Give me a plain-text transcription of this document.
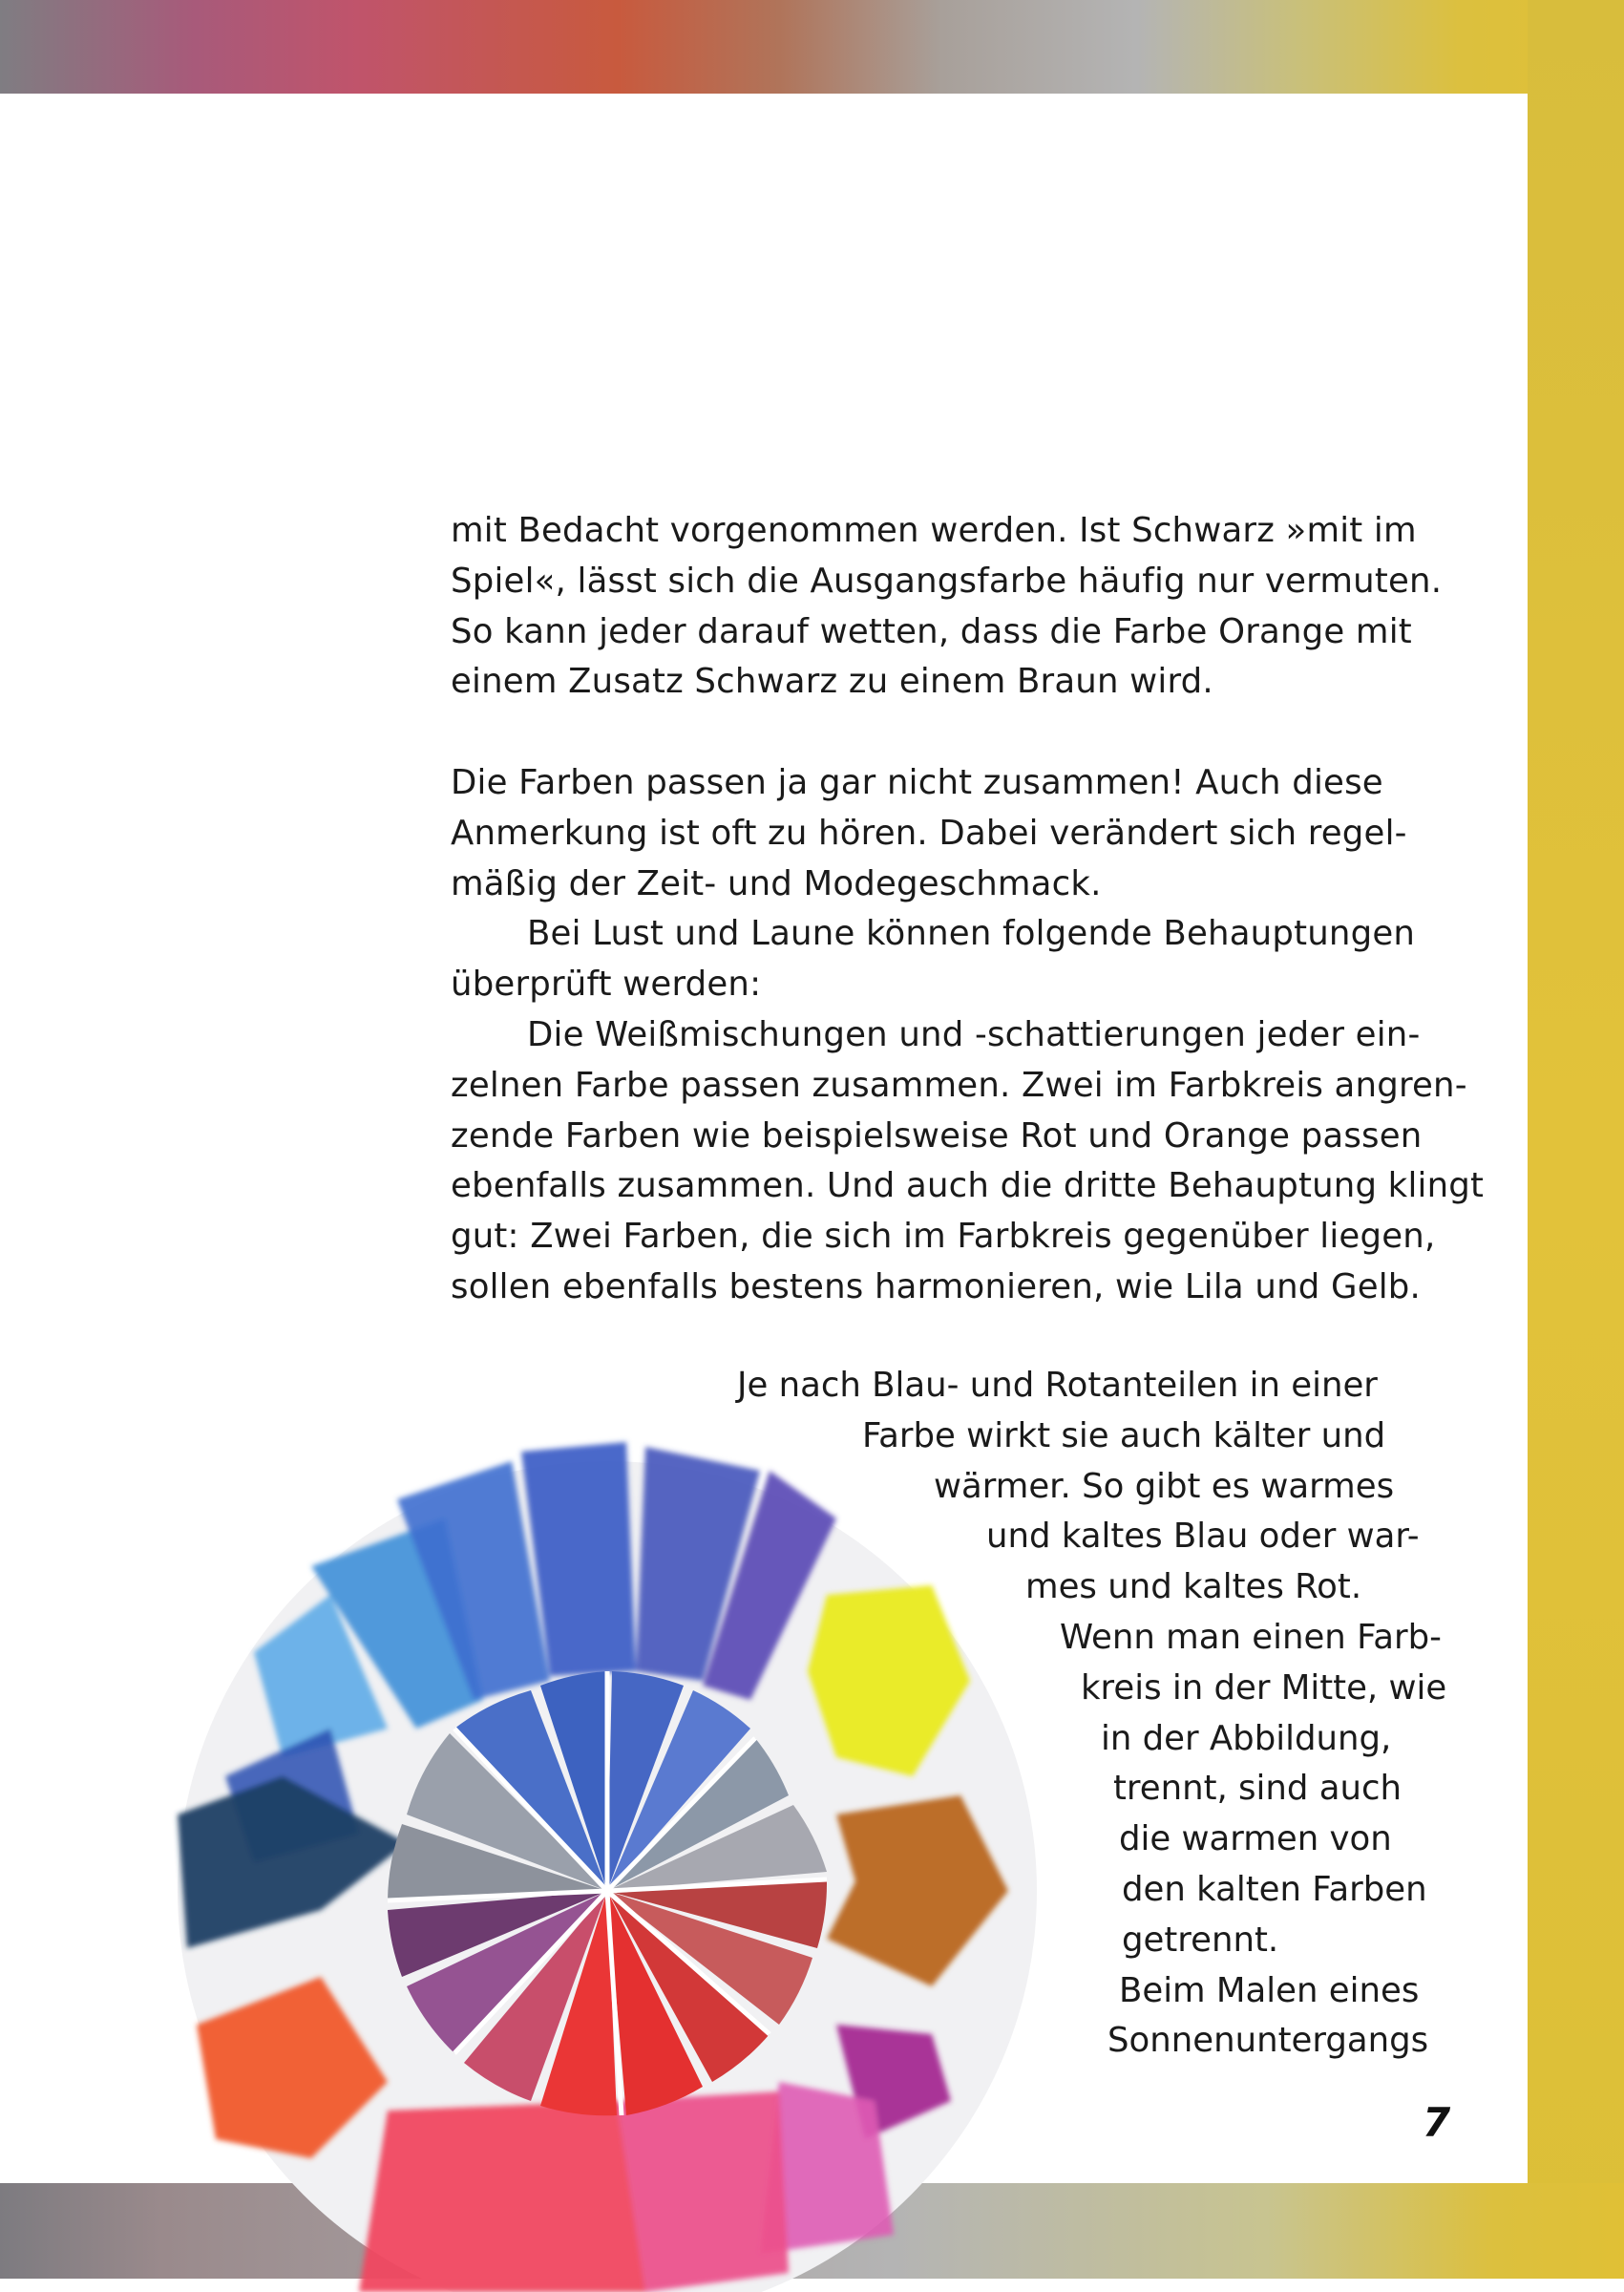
mit Bedacht vorgenommen werden. Ist Schwarz »mit im
Spiel«, lässt sich die Ausgangsfarbe häufig nur vermuten.
So kann jeder darauf wetten, dass die Farbe Orange mit
einem Zusatz Schwarz zu einem Braun wird.

Die Farben passen ja gar nicht zusammen! Auch diese
Anmerkung ist oft zu hören. Dabei verändert sich regel-
mäßig der Zeit- und Modegeschmack.

Bei Lust und Laune können folgende Behauptungen
überprüft werden:

Die Weißmischungen und -schattierungen jeder ein-
zelnen Farbe passen zusammen. Zwei im Farbkreis angren-
zende Farben wie beispielsweise Rot und Orange passen
ebenfalls zusammen. Und auch die dritte Behauptung klingt
gut: Zwei Farben, die sich im Farbkreis gegenüber liegen,
sollen ebenfalls bestens harmonieren, wie Lila und Gelb.

Je nach Blau- und Rotanteilen in einer
Farbe wirkt sie auch kälter und
wärmer. So gibt es warmes
und kaltes Blau oder war-
mes und kaltes Rot.
Wenn man einen Farb-
kreis in der Mitte, wie
in der Abbildung,
trennt, sind auch
die warmen von
den kalten Farben
getrennt.
Beim Malen eines
Sonnenuntergangs
7
